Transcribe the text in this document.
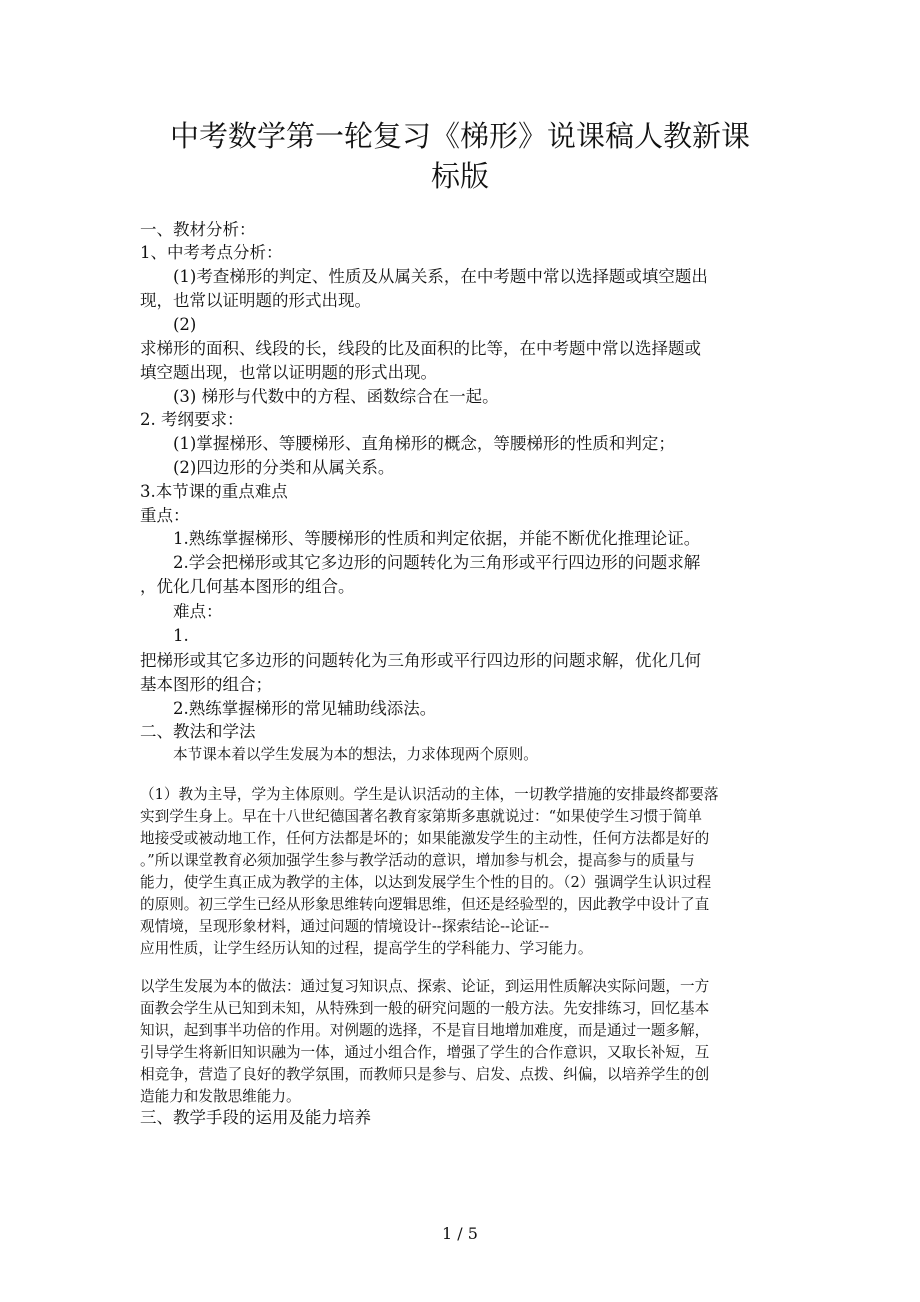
中考数学第一轮复习《梯形》说课稿人教新课
标版
一、教材分析：
1、中考考点分析：
(1)考查梯形的判定、性质及从属关系，在中考题中常以选择题或填空题出
现，也常以证明题的形式出现。
(2)
求梯形的面积、线段的长，线段的比及面积的比等，在中考题中常以选择题或
填空题出现，也常以证明题的形式出现。
(3) 梯形与代数中的方程、函数综合在一起。
2. 考纲要求：
(1)掌握梯形、等腰梯形、直角梯形的概念，等腰梯形的性质和判定；
(2)四边形的分类和从属关系。
3.本节课的重点难点
重点：
1.熟练掌握梯形、等腰梯形的性质和判定依据，并能不断优化推理论证。
2.学会把梯形或其它多边形的问题转化为三角形或平行四边形的问题求解
，优化几何基本图形的组合。
难点：
1.
把梯形或其它多边形的问题转化为三角形或平行四边形的问题求解，优化几何
基本图形的组合；
2.熟练掌握梯形的常见辅助线添法。
二、教法和学法
本节课本着以学生发展为本的想法，力求体现两个原则。
（1）教为主导，学为主体原则。学生是认识活动的主体，一切教学措施的安排最终都要落
实到学生身上。早在十八世纪德国著名教育家第斯多惠就说过：“如果使学生习惯于简单
地接受或被动地工作，任何方法都是坏的；如果能激发学生的主动性，任何方法都是好的
。”所以课堂教育必须加强学生参与教学活动的意识，增加参与机会，提高参与的质量与
能力，使学生真正成为教学的主体，以达到发展学生个性的目的。（2）强调学生认识过程
的原则。初三学生已经从形象思维转向逻辑思维，但还是经验型的，因此教学中设计了直
观情境，呈现形象材料，通过问题的情境设计--探索结论--论证--
应用性质，让学生经历认知的过程，提高学生的学科能力、学习能力。
以学生发展为本的做法：通过复习知识点、探索、论证，到运用性质解决实际问题，一方
面教会学生从已知到未知，从特殊到一般的研究问题的一般方法。先安排练习，回忆基本
知识，起到事半功倍的作用。对例题的选择，不是盲目地增加难度，而是通过一题多解，
引导学生将新旧知识融为一体，通过小组合作，增强了学生的合作意识，又取长补短，互
相竞争，营造了良好的教学氛围，而教师只是参与、启发、点拨、纠偏，以培养学生的创
造能力和发散思维能力。
三、教学手段的运用及能力培养
1 / 5
